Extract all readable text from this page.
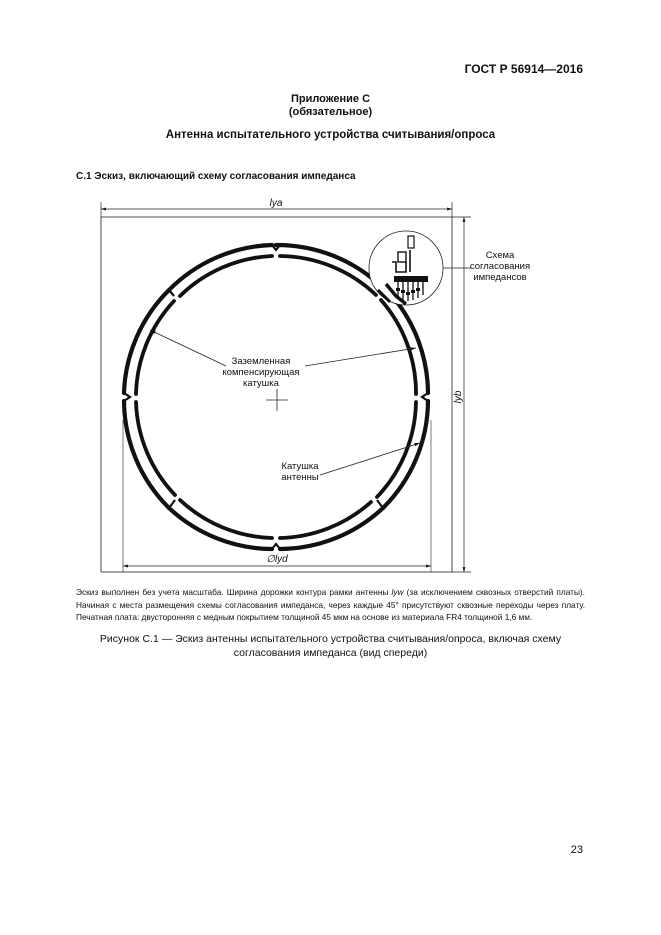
ГОСТ Р 56914—2016
Приложение С
(обязательное)
Антенна испытательного устройства считывания/опроса
С.1 Эскиз, включающий схему согласования импеданса
lya
lyb
∅lyd
Схема
согласования
импедансов
Заземленная
компенсирующая
катушка
Катушка
антенны
Эскиз выполнен без учета масштаба. Ширина дорожки контура рамки антенны lyw (за исключением сквозных отверстий платы). Начиная с места размещения схемы согласования импеданса, через каждые 45° присутствуют сквозные переходы через плату. Печатная плата: двусторонняя с медным покрытием толщиной 45 мкм на основе из материала FR4 толщиной 1,6 мм.
Рисунок С.1 — Эскиз антенны испытательного устройства считывания/опроса, включая схему
согласования импеданса (вид спереди)
23
